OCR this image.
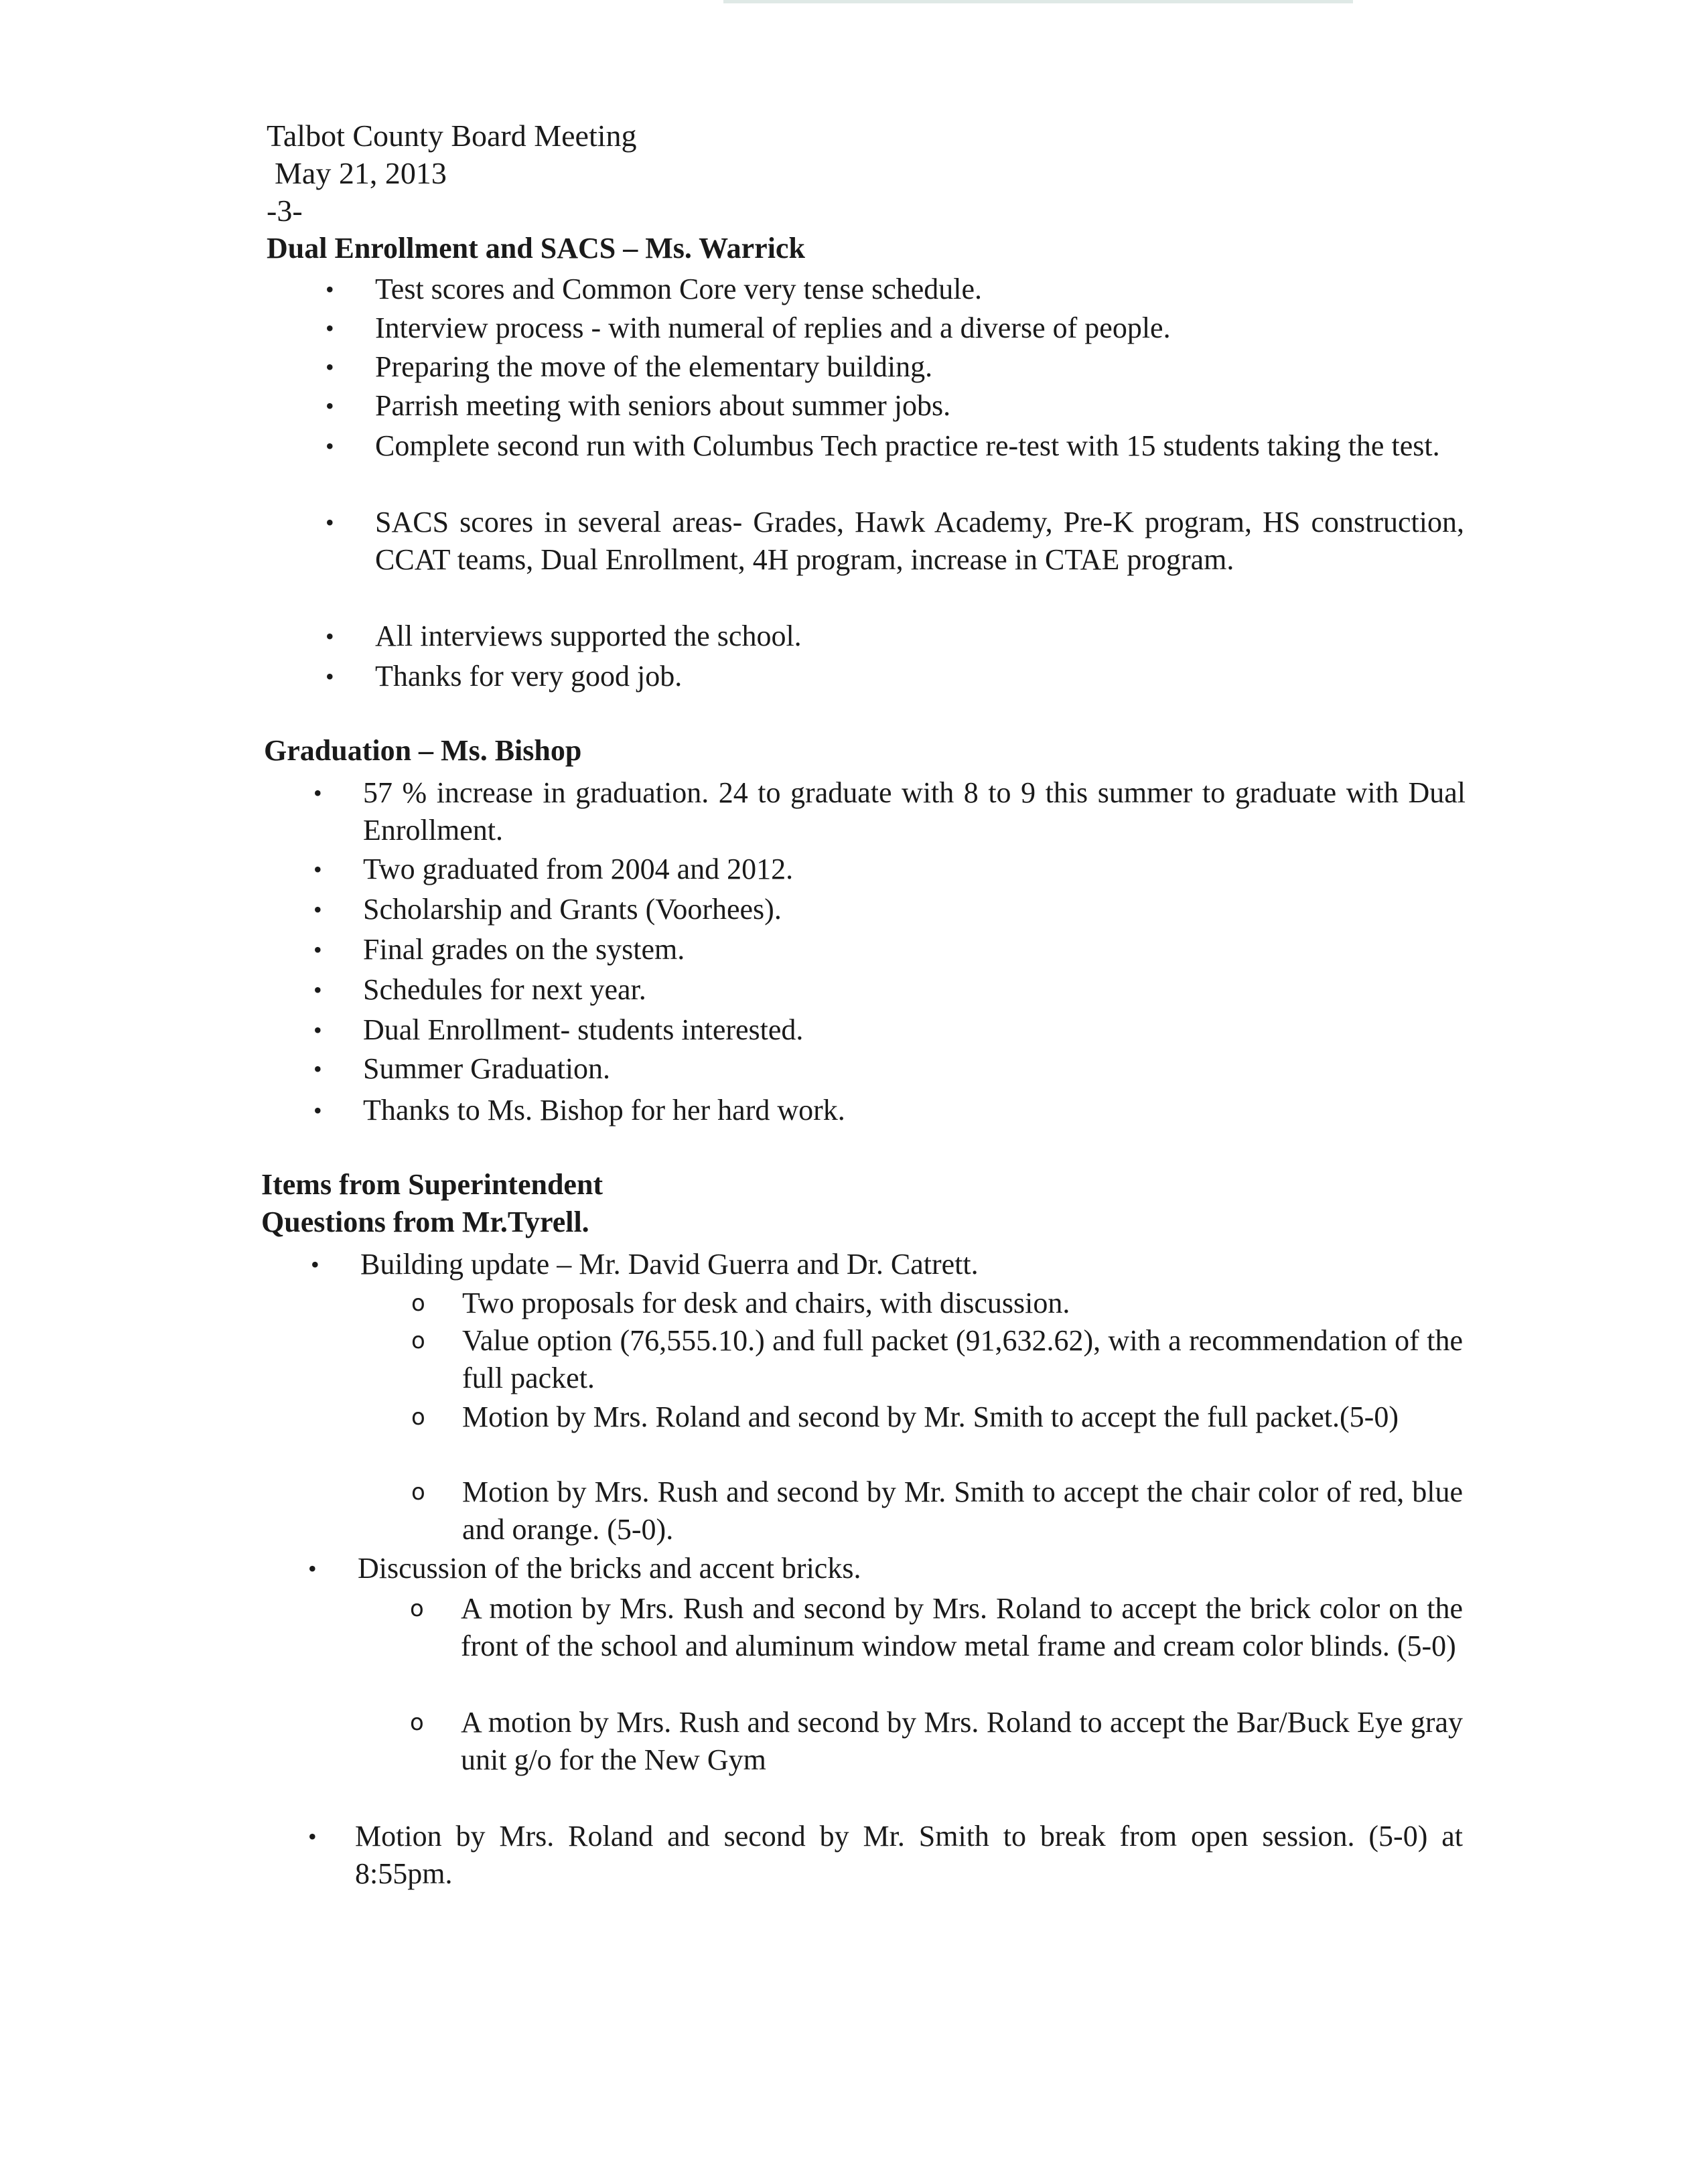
Talbot County Board Meeting
May 21, 2013
-3-
Dual Enrollment and SACS – Ms. Warrick
• Test scores and Common Core very tense schedule.
• Interview process - with numeral of replies and a diverse of people.
• Preparing the move of the elementary building.
• Parrish meeting with seniors about summer jobs.
• Complete second run with Columbus Tech practice re-test with 15 students taking the test.
• SACS scores in several areas- Grades, Hawk Academy, Pre-K program, HS construction, CCAT teams, Dual Enrollment, 4H program, increase in CTAE program.
• All interviews supported the school.
• Thanks for very good job.
Graduation – Ms. Bishop
• 57 % increase in graduation. 24 to graduate with 8 to 9 this summer to graduate with Dual Enrollment.
• Two graduated from 2004 and 2012.
• Scholarship and Grants (Voorhees).
• Final grades on the system.
• Schedules for next year.
• Dual Enrollment- students interested.
• Summer Graduation.
• Thanks to Ms. Bishop for her hard work.
Items from Superintendent
Questions from Mr.Tyrell.
• Building update – Mr. David Guerra and Dr. Catrett.
o Two proposals for desk and chairs, with discussion.
o Value option (76,555.10.) and full packet (91,632.62), with a recommendation of the full packet.
o Motion by Mrs. Roland and second by Mr. Smith to accept the full packet.(5-0)
o Motion by Mrs. Rush and second by Mr. Smith to accept the chair color of red, blue and orange. (5-0).
• Discussion of the bricks and accent bricks.
o A motion by Mrs. Rush and second by Mrs. Roland to accept the brick color on the front of the school and aluminum window metal frame and cream color blinds. (5-0)
o A motion by Mrs. Rush and second by Mrs. Roland to accept the Bar/Buck Eye gray unit g/o for the New Gym
• Motion by Mrs. Roland and second by Mr. Smith to break from open session. (5-0) at 8:55pm.
